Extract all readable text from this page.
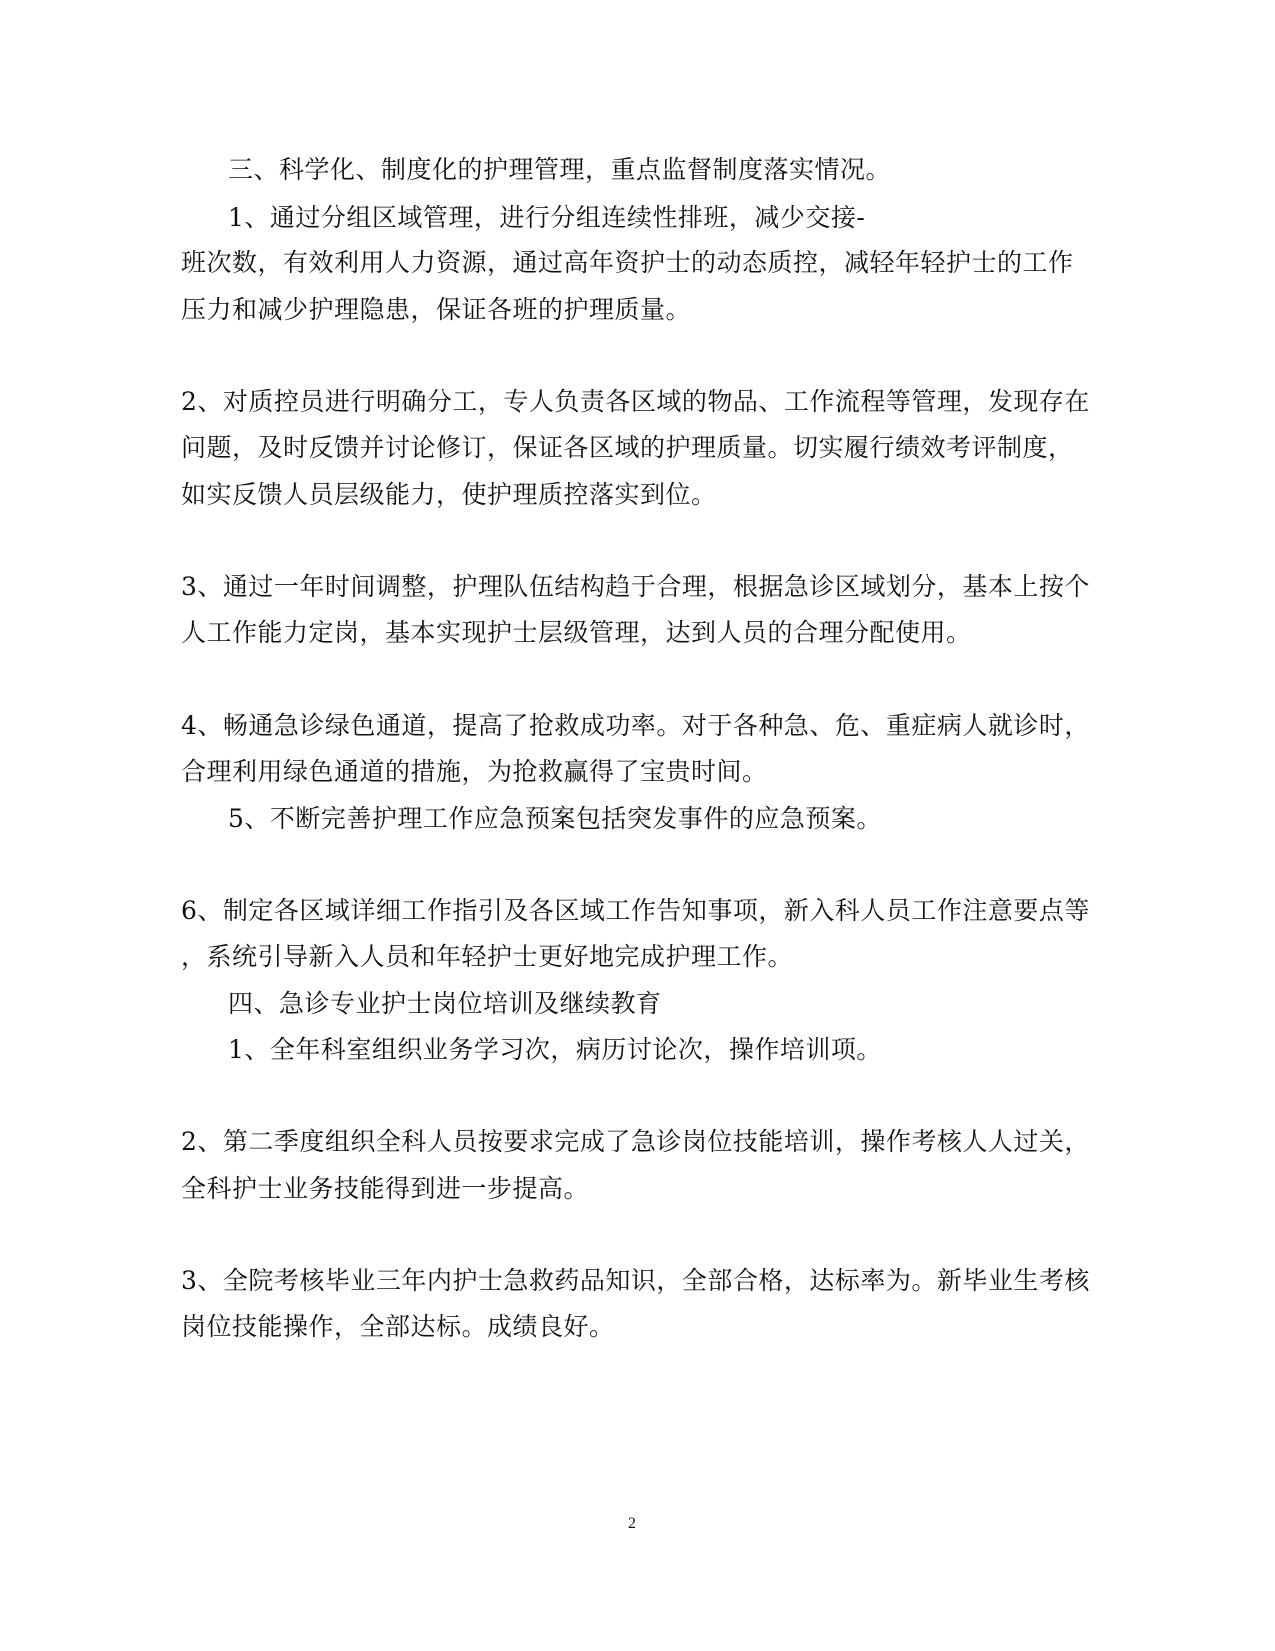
三、科学化、制度化的护理管理，重点监督制度落实情况。
1、通过分组区域管理，进行分组连续性排班，减少交接-
班次数，有效利用人力资源，通过高年资护士的动态质控，减轻年轻护士的工作
压力和减少护理隐患，保证各班的护理质量。
2、对质控员进行明确分工，专人负责各区域的物品、工作流程等管理，发现存在
问题，及时反馈并讨论修订，保证各区域的护理质量。切实履行绩效考评制度，
如实反馈人员层级能力，使护理质控落实到位。
3、通过一年时间调整，护理队伍结构趋于合理，根据急诊区域划分，基本上按个
人工作能力定岗，基本实现护士层级管理，达到人员的合理分配使用。
4、畅通急诊绿色通道，提高了抢救成功率。对于各种急、危、重症病人就诊时，
合理利用绿色通道的措施，为抢救赢得了宝贵时间。
5、不断完善护理工作应急预案包括突发事件的应急预案。
6、制定各区域详细工作指引及各区域工作告知事项，新入科人员工作注意要点等
，系统引导新入人员和年轻护士更好地完成护理工作。
四、急诊专业护士岗位培训及继续教育
1、全年科室组织业务学习次，病历讨论次，操作培训项。
2、第二季度组织全科人员按要求完成了急诊岗位技能培训，操作考核人人过关，
全科护士业务技能得到进一步提高。
3、全院考核毕业三年内护士急救药品知识，全部合格，达标率为。新毕业生考核
岗位技能操作，全部达标。成绩良好。
2
